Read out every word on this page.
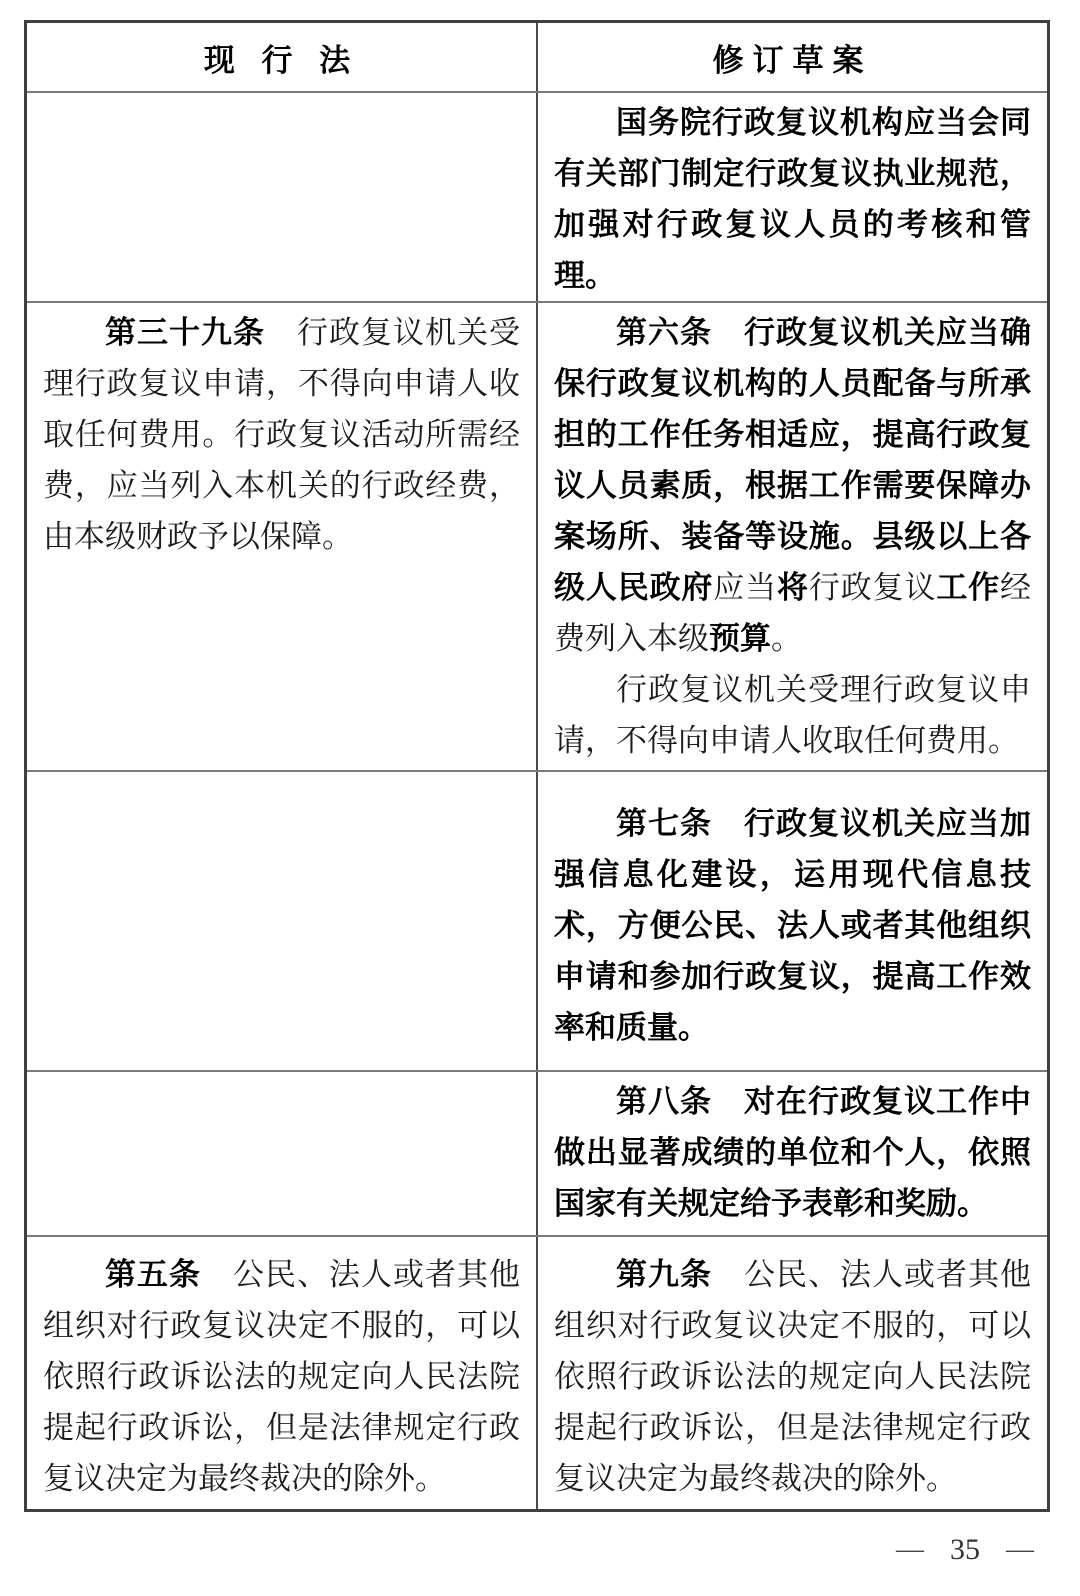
现 行 法	修订草案

国务院行政复议机构应当会同有关部门制定行政复议执业规范，加强对行政复议人员的考核和管理。

第三十九条　行政复议机关受理行政复议申请，不得向申请人收取任何费用。行政复议活动所需经费，应当列入本机关的行政经费，由本级财政予以保障。

第六条　行政复议机关应当确保行政复议机构的人员配备与所承担的工作任务相适应，提高行政复议人员素质，根据工作需要保障办案场所、装备等设施。县级以上各级人民政府应当将行政复议工作经费列入本级预算。

行政复议机关受理行政复议申请，不得向申请人收取任何费用。

第七条　行政复议机关应当加强信息化建设，运用现代信息技术，方便公民、法人或者其他组织申请和参加行政复议，提高工作效率和质量。

第八条　对在行政复议工作中做出显著成绩的单位和个人，依照国家有关规定给予表彰和奖励。

第五条　公民、法人或者其他组织对行政复议决定不服的，可以依照行政诉讼法的规定向人民法院提起行政诉讼，但是法律规定行政复议决定为最终裁决的除外。

第九条　公民、法人或者其他组织对行政复议决定不服的，可以依照行政诉讼法的规定向人民法院提起行政诉讼，但是法律规定行政复议决定为最终裁决的除外。

— 35 —
